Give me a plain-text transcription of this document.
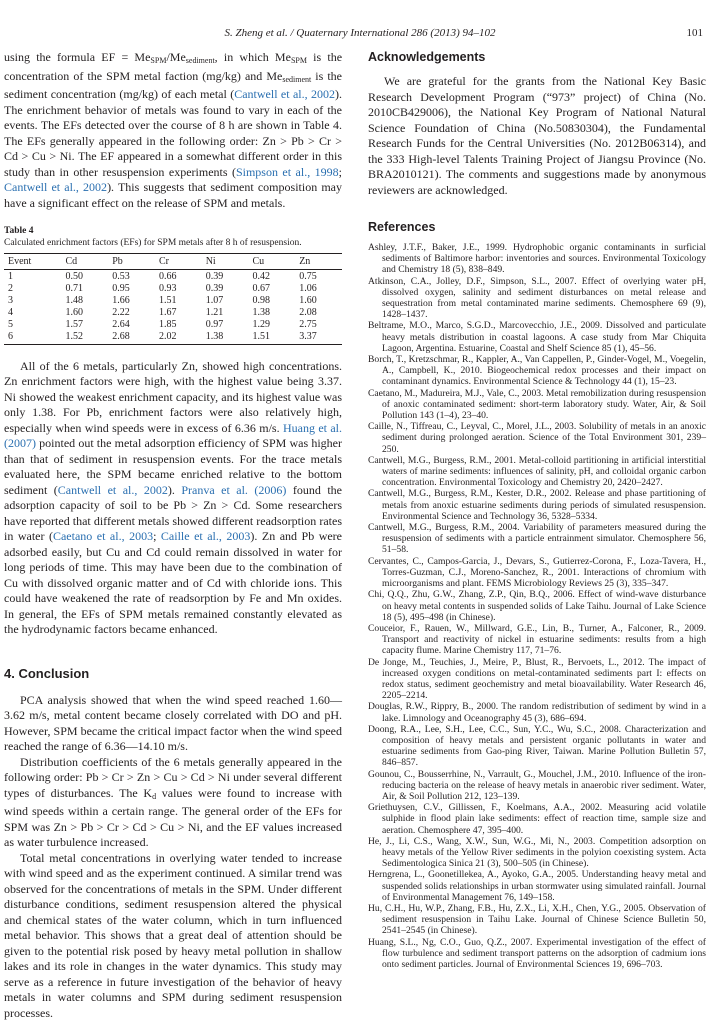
S. Zheng et al. / Quaternary International 286 (2013) 94–102	101

using the formula EF = $Me_{SPM}/Me_{sediment}$, in which $Me_{SPM}$ is the concentration of the SPM metal faction (mg/kg) and $Me_{sediment}$ is the sediment concentration (mg/kg) of each metal (Cantwell et al., 2002). The enrichment behavior of metals was found to vary in each of the events. The EFs detected over the course of 8 h are shown in Table 4. The EFs generally appeared in the following order: Zn > Pb > Cr > Cd > Cu > Ni. The EF appeared in a somewhat different order in this study than in other resuspension experiments (Simpson et al., 1998; Cantwell et al., 2002). This suggests that sediment composition may have a significant effect on the release of SPM and metals.

Table 4
Calculated enrichment factors (EFs) for SPM metals after 8 h of resuspension.
Event	Cd	Pb	Cr	Ni	Cu	Zn
1	0.50	0.53	0.66	0.39	0.42	0.75
2	0.71	0.95	0.93	0.39	0.67	1.06
3	1.48	1.66	1.51	1.07	0.98	1.60
4	1.60	2.22	1.67	1.21	1.38	2.08
5	1.57	2.64	1.85	0.97	1.29	2.75
6	1.52	2.68	2.02	1.38	1.51	3.37

All of the 6 metals, particularly Zn, showed high concentrations. Zn enrichment factors were high, with the highest value being 3.37. Ni showed the weakest enrichment capacity, and its highest value was only 1.38. For Pb, enrichment factors were also relatively high, especially when wind speeds were in excess of 6.36 m/s. Huang et al. (2007) pointed out the metal adsorption efficiency of SPM was higher than that of sediment in resuspension events. For the trace metals evaluated here, the SPM became enriched relative to the bottom sediment (Cantwell et al., 2002). Pranva et al. (2006) found the adsorption capacity of soil to be Pb > Zn > Cd. Some researchers have reported that different metals showed different readsorption rates in water (Caetano et al., 2003; Caille et al., 2003). Zn and Pb were adsorbed easily, but Cu and Cd could remain dissolved in water for long periods of time. This may have been due to the combination of Cu with dissolved organic matter and of Cd with chloride ions. This could have weakened the rate of readsorption by Fe and Mn oxides. In general, the EFs of SPM metals remained constantly elevated as the hydrodynamic factors became enhanced.

4. Conclusion

PCA analysis showed that when the wind speed reached 1.60—3.62 m/s, metal content became closely correlated with DO and pH. However, SPM became the critical impact factor when the wind speed reached the range of 6.36—14.10 m/s.

Distribution coefficients of the 6 metals generally appeared in the following order: Pb > Cr > Zn > Cu > Cd > Ni under several different types of disturbances. The $K_d$ values were found to increase with wind speeds within a certain range. The general order of the EFs for SPM was Zn > Pb > Cr > Cd > Cu > Ni, and the EF values increased as water turbulence increased.

Total metal concentrations in overlying water tended to increase with wind speed and as the experiment continued. A similar trend was observed for the concentrations of metals in the SPM. Under different disturbance conditions, sediment resuspension altered the physical and chemical states of the water column, which in turn influenced metal behavior. This shows that a great deal of attention should be given to the potential risk posed by heavy metal pollution in shallow lakes and its role in changes in the water dynamics. This study may serve as a reference in future investigation of the behavior of heavy metals in water columns and SPM during sediment resuspension processes.

Acknowledgements

We are grateful for the grants from the National Key Basic Research Development Program (“973” project) of China (No. 2010CB429006), the National Key Program of National Natural Science Foundation of China (No.50830304), the Fundamental Research Funds for the Central Universities (No. 2012B06314), and the 333 High-level Talents Training Project of Jiangsu Province (No. BRA2010121). The comments and suggestions made by anonymous reviewers are acknowledged.

References

Ashley, J.T.F., Baker, J.E., 1999. Hydrophobic organic contaminants in surficial sediments of Baltimore harbor: inventories and sources. Environmental Toxicology and Chemistry 18 (5), 838–849.

Atkinson, C.A., Jolley, D.F., Simpson, S.L., 2007. Effect of overlying water pH, dissolved oxygen, salinity and sediment disturbances on metal release and sequestration from metal contaminated marine sediments. Chemosphere 69 (9), 1428–1437.

Beltrame, M.O., Marco, S.G.D., Marcovecchio, J.E., 2009. Dissolved and particulate heavy metals distribution in coastal lagoons. A case study from Mar Chiquita Lagoon, Argentina. Estuarine, Coastal and Shelf Science 85 (1), 45–56.

Borch, T., Kretzschmar, R., Kappler, A., Van Cappellen, P., Ginder-Vogel, M., Voegelin, A., Campbell, K., 2010. Biogeochemical redox processes and their impact on contaminant dynamics. Environmental Science & Technology 44 (1), 15–23.

Caetano, M., Madureira, M.J., Vale, C., 2003. Metal remobilization during resuspension of anoxic contaminated sediment: short-term laboratory study. Water, Air, & Soil Pollution 143 (1–4), 23–40.

Caille, N., Tiffreau, C., Leyval, C., Morel, J.L., 2003. Solubility of metals in an anoxic sediment during prolonged aeration. Science of the Total Environment 301, 239–250.

Cantwell, M.G., Burgess, R.M., 2001. Metal-colloid partitioning in artificial interstitial waters of marine sediments: influences of salinity, pH, and colloidal organic carbon concentration. Environmental Toxicology and Chemistry 20, 2420–2427.

Cantwell, M.G., Burgess, R.M., Kester, D.R., 2002. Release and phase partitioning of metals from anoxic estuarine sediments during periods of simulated resuspension. Environmental Science and Technology 36, 5328–5334.

Cantwell, M.G., Burgess, R.M., 2004. Variability of parameters measured during the resuspension of sediments with a particle entrainment simulator. Chemosphere 56, 51–58.

Cervantes, C., Campos-Garcia, J., Devars, S., Gutierrez-Corona, F., Loza-Tavera, H., Torres-Guzman, C.J., Moreno-Sanchez, R., 2001. Interactions of chromium with microorganisms and plant. FEMS Microbiology Reviews 25 (3), 335–347.

Chi, Q.Q., Zhu, G.W., Zhang, Z.P., Qin, B.Q., 2006. Effect of wind-wave disturbance on heavy metal contents in suspended solids of Lake Taihu. Journal of Lake Science 18 (5), 495–498 (in Chinese).

Couceior, F., Rauen, W., Millward, G.E., Lin, B., Turner, A., Falconer, R., 2009. Transport and reactivity of nickel in estuarine sediments: results from a high capacity flume. Marine Chemistry 117, 71–76.

De Jonge, M., Teuchies, J., Meire, P., Blust, R., Bervoets, L., 2012. The impact of increased oxygen conditions on metal-contaminated sediments part I: effects on redox status, sediment geochemistry and metal bioavailability. Water Research 46, 2205–2214.

Douglas, R.W., Rippry, B., 2000. The random redistribution of sediment by wind in a lake. Limnology and Oceanography 45 (3), 686–694.

Doong, R.A., Lee, S.H., Lee, C.C., Sun, Y.C., Wu, S.C., 2008. Characterization and composition of heavy metals and persistent organic pollutants in water and estuarine sediments from Gao-ping River, Taiwan. Marine Pollution Bulletin 57, 846–857.

Gounou, C., Bousserrhine, N., Varrault, G., Mouchel, J.M., 2010. Influence of the iron-reducing bacteria on the release of heavy metals in anaerobic river sediment. Water, Air, & Soil Pollution 212, 123–139.

Griethuysen, C.V., Gillissen, F., Koelmans, A.A., 2002. Measuring acid volatile sulphide in flood plain lake sediments: effect of reaction time, sample size and aeration. Chemosphere 47, 395–400.

He, J., Li, C.S., Wang, X.W., Sun, W.G., Mi, N., 2003. Competition adsorption on heavy metals of the Yellow River sediments in the polyion coexisting system. Acta Sedimentologica Sinica 21 (3), 500–505 (in Chinese).

Herngrena, L., Goonetillekea, A., Ayoko, G.A., 2005. Understanding heavy metal and suspended solids relationships in urban stormwater using simulated rainfall. Journal of Environmental Management 76, 149–158.

Hu, C.H., Hu, W.P., Zhang, F.B., Hu, Z.X., Li, X.H., Chen, Y.G., 2005. Observation of sediment resuspension in Taihu Lake. Journal of Chinese Science Bulletin 50, 2541–2545 (in Chinese).

Huang, S.L., Ng, C.O., Guo, Q.Z., 2007. Experimental investigation of the effect of flow turbulence and sediment transport patterns on the adsorption of cadmium ions onto sediment particles. Journal of Environmental Sciences 19, 696–703.
